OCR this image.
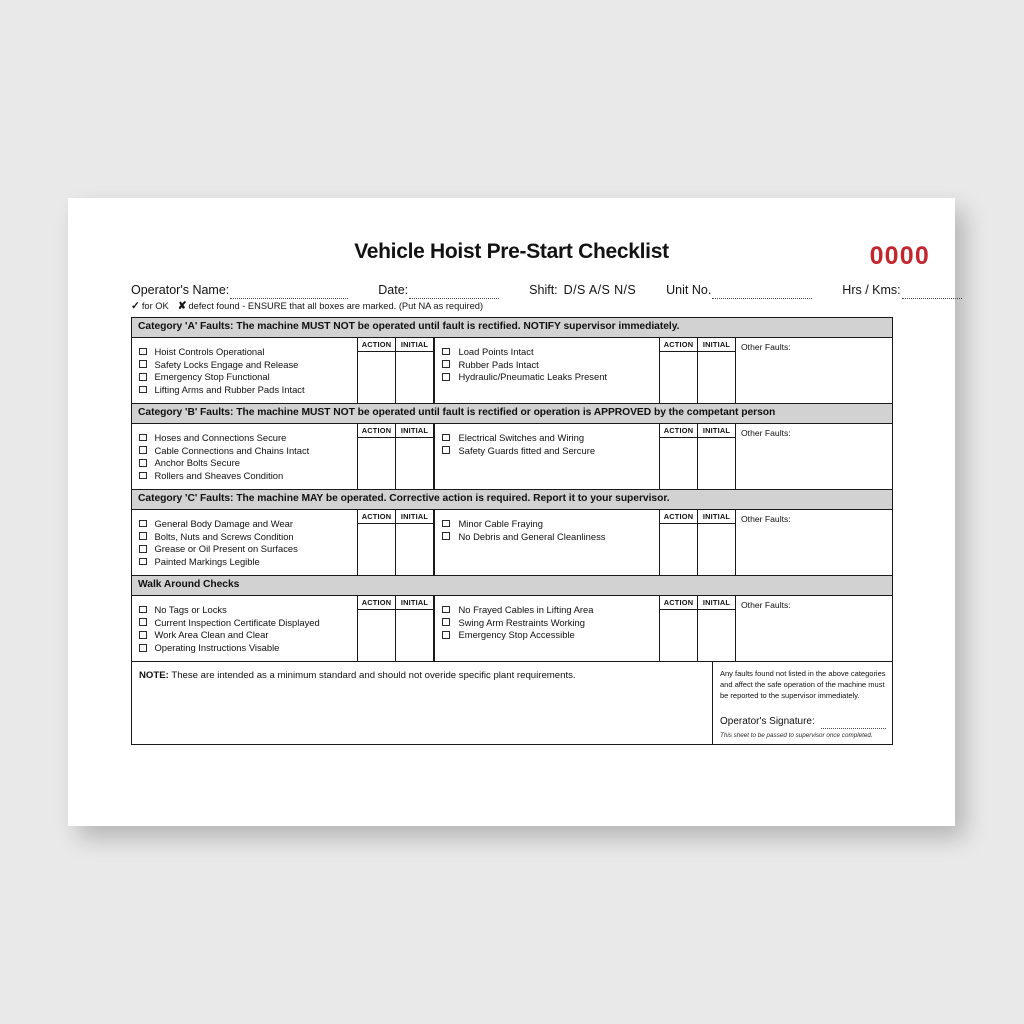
Vehicle Hoist Pre-Start Checklist	0000
Operator's Name:	Date:	Shift: D/S A/S N/S Unit No.	Hrs / Kms:
✓ for OK ✘ defect found - ENSURE that all boxes are marked. (Put NA as required)
Category 'A' Faults: The machine MUST NOT be operated until fault is rectified. NOTIFY supervisor immediately.
Hoist Controls Operational
Safety Locks Engage and Release
Emergency Stop Functional
Lifting Arms and Rubber Pads Intact
ACTION	INITIAL
Load Points Intact
Rubber Pads Intact
Hydraulic/Pneumatic Leaks Present
ACTION	INITIAL	Other Faults:
Category 'B' Faults: The machine MUST NOT be operated until fault is rectified or operation is APPROVED by the competant person
Hoses and Connections Secure
Cable Connections and Chains Intact
Anchor Bolts Secure
Rollers and Sheaves Condition
ACTION	INITIAL
Electrical Switches and Wiring
Safety Guards fitted and Sercure
ACTION	INITIAL	Other Faults:
Category 'C' Faults: The machine MAY be operated. Corrective action is required. Report it to your supervisor.
General Body Damage and Wear
Bolts, Nuts and Screws Condition
Grease or Oil Present on Surfaces
Painted Markings Legible
ACTION	INITIAL
Minor Cable Fraying
No Debris and General Cleanliness
ACTION	INITIAL	Other Faults:
Walk Around Checks
No Tags or Locks
Current Inspection Certificate Displayed
Work Area Clean and Clear
Operating Instructions Visable
ACTION	INITIAL
No Frayed Cables in Lifting Area
Swing Arm Restraints Working
Emergency Stop Accessible
ACTION	INITIAL	Other Faults:
NOTE: These are intended as a minimum standard and should not overide specific plant requirements.	Any faults found not listed in the above categories and affect the safe operation of the machine must be reported to the supervisor immediately.
Operator's Signature:
This sheet to be passed to supervisor once completed.
